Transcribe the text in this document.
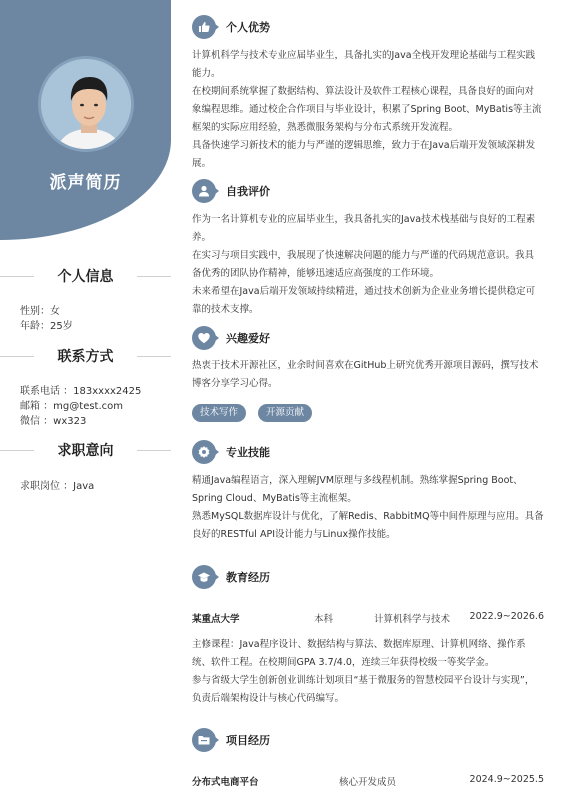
派声简历
个人信息
性别：女
年龄：25岁
联系方式
联系电话 ：183xxxx2425
邮箱 ：mg@test.com
微信 ：wx323
求职意向
求职岗位 ：Java
个人优势

计算机科学与技术专业应届毕业生，具备扎实的Java全栈开发理论基础与工程实践

能力。

在校期间系统掌握了数据结构、算法设计及软件工程核心课程，具备良好的面向对

象编程思维。通过校企合作项目与毕业设计，积累了Spring Boot、MyBatis等主流

框架的实际应用经验，熟悉微服务架构与分布式系统开发流程。

具备快速学习新技术的能力与严谨的逻辑思维，致力于在Java后端开发领域深耕发

展。

自我评价

作为一名计算机专业的应届毕业生，我具备扎实的Java技术栈基础与良好的工程素

养。

在实习与项目实践中，我展现了快速解决问题的能力与严谨的代码规范意识。我具

备优秀的团队协作精神，能够迅速适应高强度的工作环境。

未来希望在Java后端开发领域持续精进，通过技术创新为企业业务增长提供稳定可

靠的技术支撑。

兴趣爱好

热衷于技术开源社区，业余时间喜欢在GitHub上研究优秀开源项目源码，撰写技术

博客分享学习心得。

技术写作	开源贡献
专业技能

精通Java编程语言，深入理解JVM原理与多线程机制。熟练掌握Spring Boot、

Spring Cloud、MyBatis等主流框架。

熟悉MySQL数据库设计与优化，了解Redis、RabbitMQ等中间件原理与应用。具备

良好的RESTful API设计能力与Linux操作技能。

教育经历
某重点大学	本科	计算机科学与技术 2022.9~2026.6

主修课程：Java程序设计、数据结构与算法、数据库原理、计算机网络、操作系

统、软件工程。在校期间GPA 3.7/4.0，连续三年获得校级一等奖学金。

参与省级大学生创新创业训练计划项目“基于微服务的智慧校园平台设计与实现”，

负责后端架构设计与核心代码编写。

项目经历
分布式电商平台	核心开发成员	2024.9~2025.5
